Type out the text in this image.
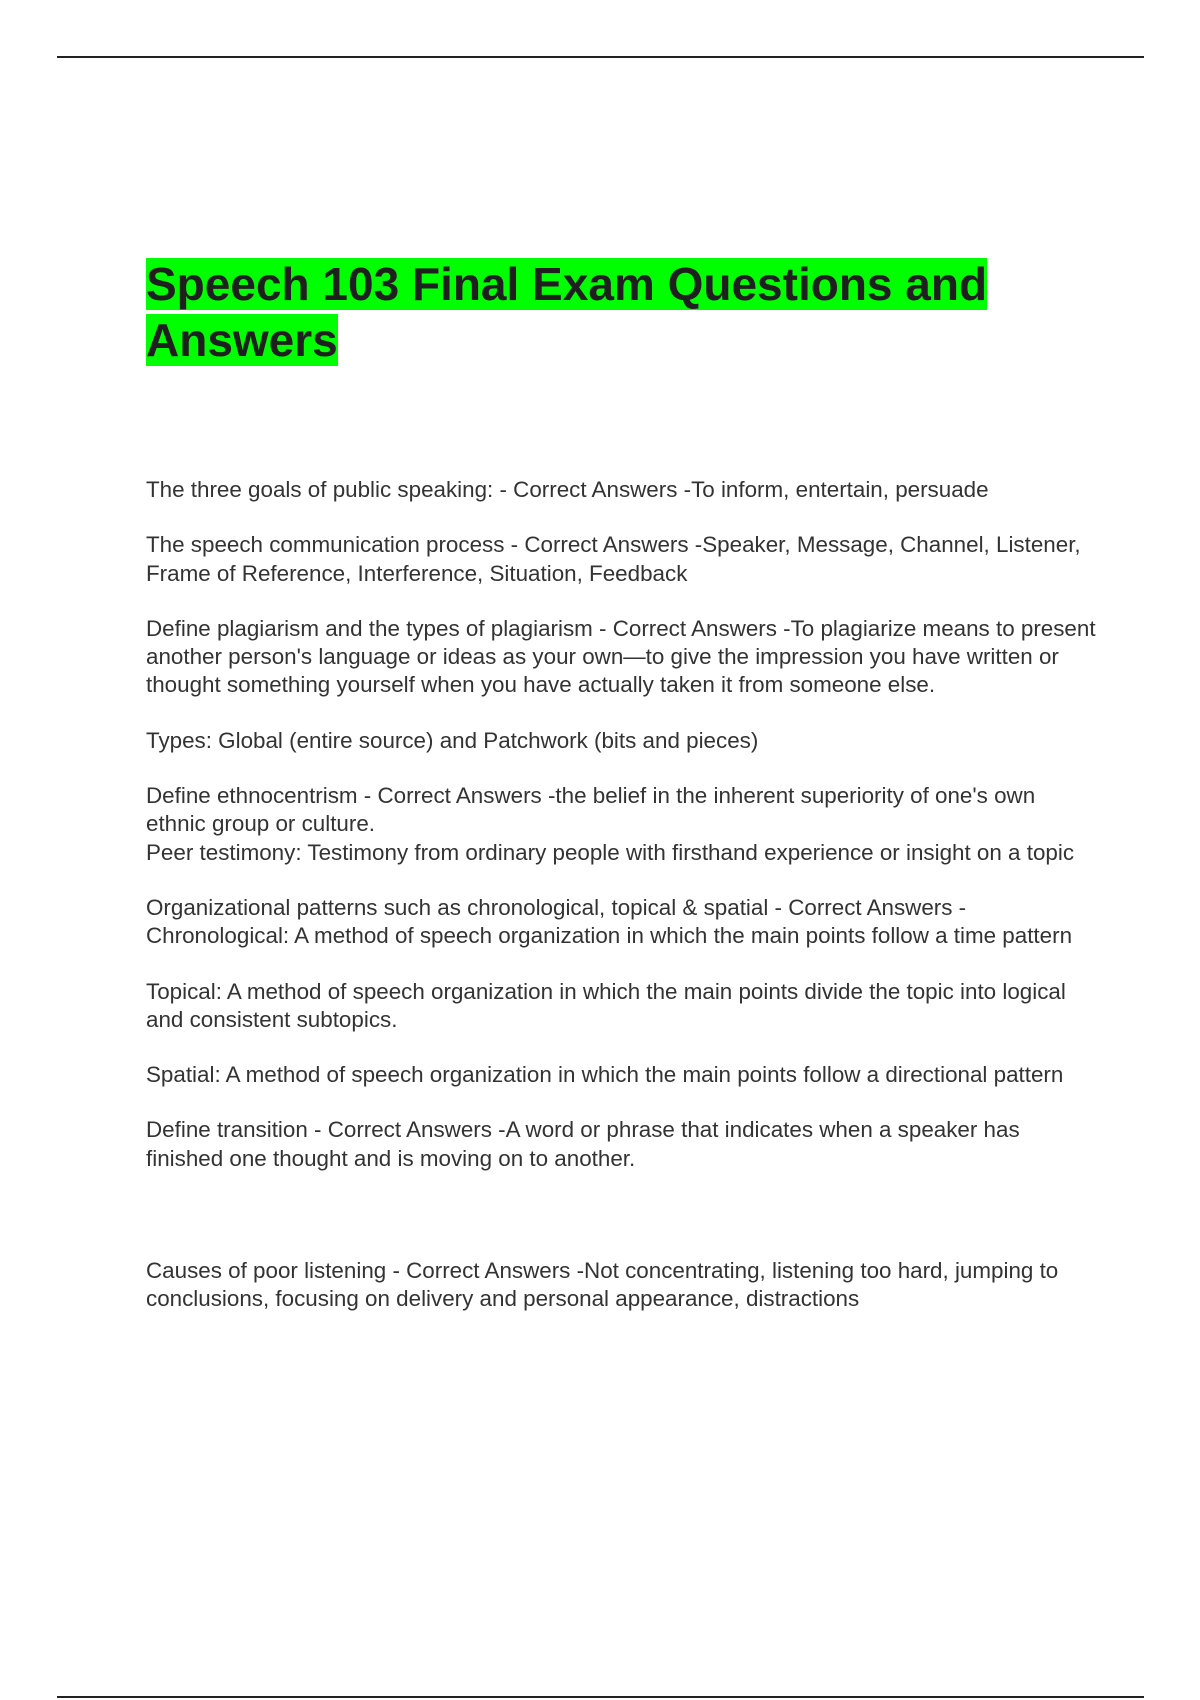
Speech 103 Final Exam Questions and Answers

The three goals of public speaking: - Correct Answers -To inform, entertain, persuade

The speech communication process - Correct Answers -Speaker, Message, Channel, Listener, Frame of Reference, Interference, Situation, Feedback

Define plagiarism and the types of plagiarism - Correct Answers -To plagiarize means to present another person's language or ideas as your own—to give the impression you have written or thought something yourself when you have actually taken it from someone else.

Types: Global (entire source) and Patchwork (bits and pieces)

Define ethnocentrism - Correct Answers -the belief in the inherent superiority of one's own ethnic group or culture.
Peer testimony: Testimony from ordinary people with firsthand experience or insight on a topic

Organizational patterns such as chronological, topical & spatial - Correct Answers - Chronological: A method of speech organization in which the main points follow a time pattern

Topical: A method of speech organization in which the main points divide the topic into logical and consistent subtopics.

Spatial: A method of speech organization in which the main points follow a directional pattern

Define transition - Correct Answers -A word or phrase that indicates when a speaker has finished one thought and is moving on to another.

Causes of poor listening - Correct Answers -Not concentrating, listening too hard, jumping to conclusions, focusing on delivery and personal appearance, distractions
